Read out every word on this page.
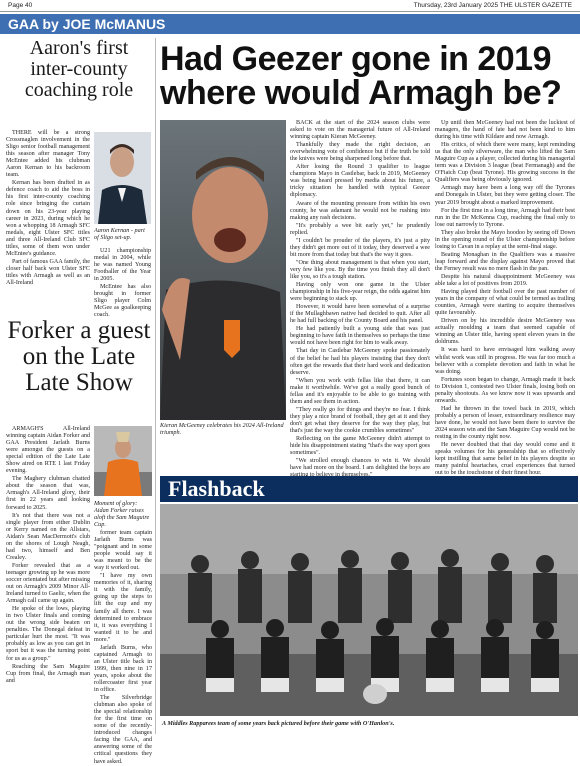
Page 40	Thursday, 23rd January 2025 THE ULSTER GAZETTE
GAA by JOE McMANUS
Aaron's first inter-county coaching role

THERE will be a strong Crossmaglen involvement in the Sligo senior football management this season after manager Tony McEntee added his clubman Aaron Kernan to his backroom team.

Kernan has been drafted in as defence coach to aid the boss in his first inter-county coaching role since bringing the curtain down on his 23-year playing career in 2023, during which he won a whopping 18 Armagh SFC medals, eight Ulster SFC titles and three All-Ireland Club SFC titles, some of them won under McEntee's guidance.

Part of famous GAA family, the closer half back won Ulster SFC titles with Armagh as well as an All-Ireland

Aaron Kernan - part of Sligo set-up.

U21 championship medal in 2004, while he was named Young Footballer of the Year in 2005.

McEntee has also brought in former Sligo player Colm McGee as goalkeeping coach.

Forker a guest on the Late Late Show

ARMAGH'S All-Ireland winning captain Aidan Forker and GAA President Jarlath Burns were amongst the guests on a special edition of the Late Late Show aired on RTE 1 last Friday evening.

The Maghery clubman chatted about the season that was, Armagh's All-Ireland glory, their first in 22 years and looking forward to 2025.

It's not that there was not a single player from either Dublin or Kerry named on the Allstars, Aidan's Sean MacDermott's club on the shores of Lough Neagh, had two, himself and Ben Crealey.

Forker revealed that as a teenager growing up he was more soccer orientated but after missing out on Armagh's 2009 Minor All-Ireland turned to Gaelic, when the Armagh call came up again.

He spoke of the lows, playing in two Ulster finals and coming out the wrong side beaten on penalties. The Donegal defeat in particular hurt the most. "It was probably as low as you can get in sport but it was the turning point for us as a group."

Reaching the Sam Maguire Cup from final, the Armagh man and

Moment of glory: Aidan Forker raises aloft the Sam Maguire Cup.

former team captain Jarlath Burns was "poignant and in some people would say it was meant to be the way it worked out.

"I have my own memories of it, sharing it with the family, going up the steps to lift the cup and my family all there. I was determined to embrace it, it was everything I wanted it to be and more."

Jarlath Burns, who captained Armagh to an Ulster title back in 1999, then nine in 17 years, spoke about the rollercoaster first year in office.

The Silverbridge clubman also spoke of the special relationship for the first time on some of the recently-introduced changes facing the GAA, and answering some of the critical questions they have asked.

Had Geezer gone in 2019 where would Armagh be?
Kieran McGeeney celebrates his 2024 All-Ireland triumph.

BACK at the start of the 2024 season clubs were asked to vote on the managerial future of All-Ireland winning captain Kieran McGeeney.

Thankfully they made the right decision, an overwhelming vote of confidence but if the truth be told the knives were being sharpened long before that.

After losing the Round 3 qualifier to league champions Mayo in Castlebar, back in 2019, McGeeney was being heard pressed by media about his future, a tricky situation he handled with typical Geezer diplomacy.

Aware of the mounting pressure from within his own county, he was adamant he would not be rushing into making any rash decisions.

"It's probably a wee bit early yet," he prudently replied.

"I couldn't be prouder of the players, it's just a pity they didn't get more out of it today, they deserved a wee bit more from that today but that's the way it goes.

"One thing about management is that when you start, very few like you. By the time you finish they all don't like you, so it's a tough station.

Having only won one game in the Ulster championship in his five-year reign, the odds against him were beginning to stack up.

However, it would have been somewhat of a surprise if the Mullaghbawn native had decided to quit. After all he had full backing of the County Board and his panel.

He had patiently built a young side that was just beginning to have faith in themselves so perhaps the time would not have been right for him to walk away.

That day in Castlebar McGeeney spoke passionately of the belief he had his players insisting that they don't often get the rewards that their hard work and dedication deserve.

"When you work with fellas like that there, it can make it worthwhile. We've got a really good bunch of fellas and it's enjoyable to be able to go training with them and see them in action.

"They really go for things and they're no fear. I think they play a nice brand of football, they get at it and they don't get what they deserve for the way they play, but that's just the way the cookie crumbles sometimes"

Reflecting on the game McGeeney didn't attempt to hide his disappointment stating "that's the way sport goes sometimes".

"We strolled enough chances to win it. We should have had more on the board. I am delighted the boys are

Up until then McGeeney had not been the luckiest of managers, the hand of fate had not been kind to him during his time with Kildare and now Armagh.

His critics, of which there were many, kept reminding us that the only silverware, the man who lifted the Sam Maguire Cup as a player, collected during his managerial term was a Division 3 league (beat Fermanagh) and the O'Fiaich Cup (beat Tyrone). His growing success in the Qualifiers was being obviously ignored.

Armagh may have been a long way off the Tyrones and Donegals in Ulster, but they were getting closer. The year 2019 brought about a marked improvement.

For the first time in a long time, Armagh had their best run in the Dr McKenna Cup, reaching the final only to lose out narrowly to Tyrone.

They also broke the Mayo hoodoo by seeing off Down in the opening round of the Ulster championship before losing to Cavan in a replay at the semi-final stage.

Beating Monaghan in the Qualifiers was a massive leap forward and the display against Mayo proved that the Ferney result was no mere flash in the pan.

Despite his natural disappointment McGeeney was able take a lot of positives from 2019.

Having played their football over the past number of years in the company of what could be termed as trailing counties, Armagh were starting to acquire themselves quite favourably.

Driven on by his incredible desire McGeeney was actually moulding a team that seemed capable of winning an Ulster title, having spent eleven years in the doldrums.

It was hard to have envisaged him walking away whilst work was still in progress. He was far too much a believer with a complete devotion and faith in what he was doing.

Fortunes soon began to change, Armagh made it back to Division 1, contested two Ulster finals, losing both on penalty shootouts. As we know now it was upwards and onwards.

Had he thrown in the towel back in 2019, which probably a person of lesser, extraordinary resilience may have done, he would not have been there to survive the 2024 season win and the Sam Maguire Cup would not be resting in the county right now.

He never doubted that that day would come and it speaks volumes for his generalship that so effectively kept instilling that same belief in his players despite so many painful heartaches, cruel experiences that turned out to be the touchstone of their finest hour.

Flashback
A Middles Rapparees team of some years back pictured before their game with O'Hanlon's.
